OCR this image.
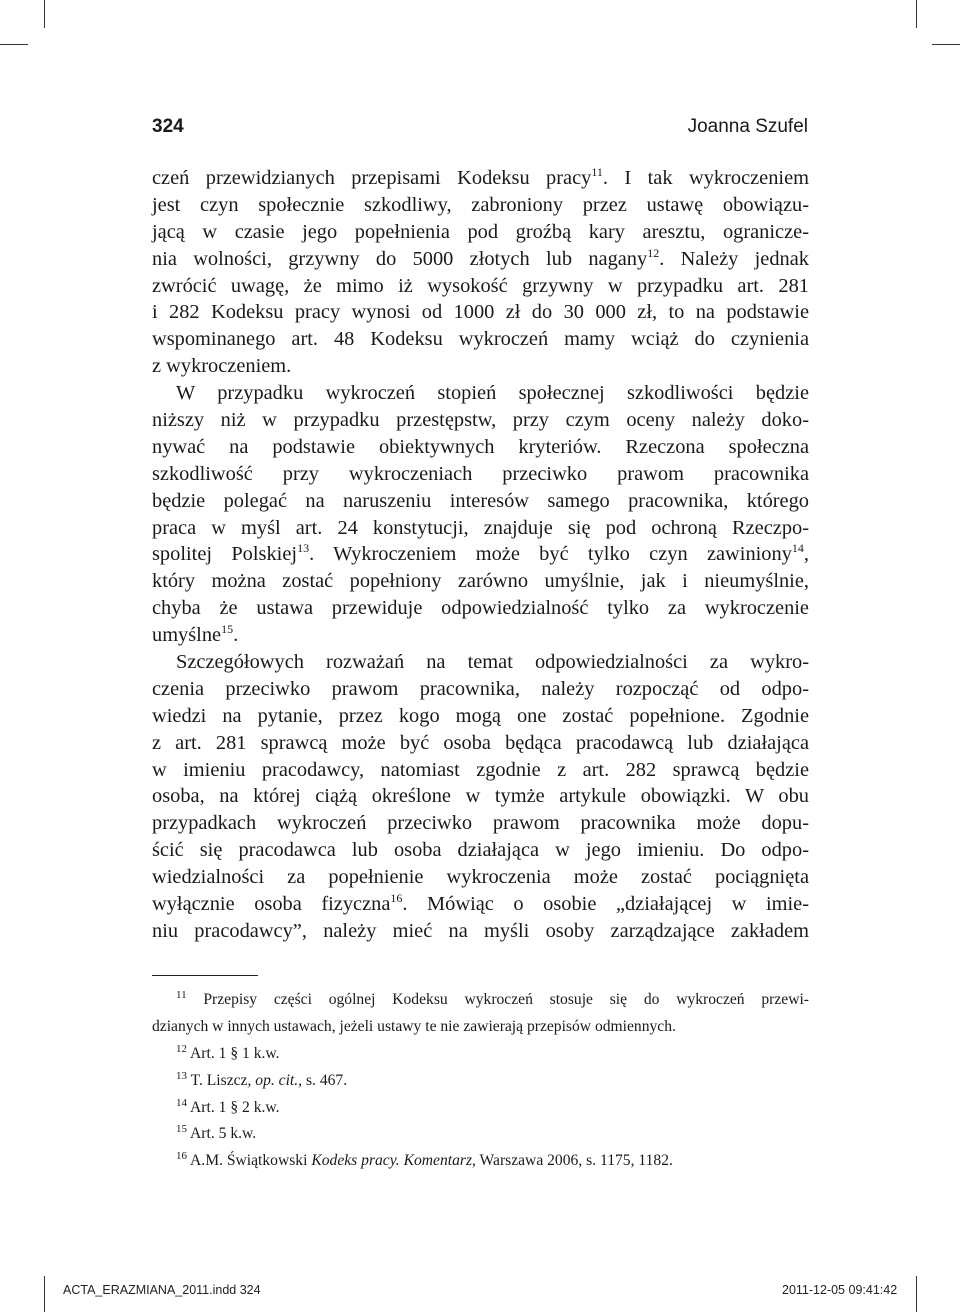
324	Joanna Szufel
czeń przewidzianych przepisami Kodeksu pracy$^{11}$. I tak wykroczeniem
jest czyn społecznie szkodliwy, zabroniony przez ustawę obowiązu-
jącą w czasie jego popełnienia pod groźbą kary aresztu, ogranicze-
nia wolności, grzywny do 5000 złotych lub nagany$^{12}$. Należy jednak
zwrócić uwagę, że mimo iż wysokość grzywny w przypadku art. 281
i 282 Kodeksu pracy wynosi od 1000 zł do 30 000 zł, to na podstawie
wspominanego art. 48 Kodeksu wykroczeń mamy wciąż do czynienia
z wykroczeniem.
W przypadku wykroczeń stopień społecznej szkodliwości będzie
niższy niż w przypadku przestępstw, przy czym oceny należy doko-
nywać na podstawie obiektywnych kryteriów. Rzeczona społeczna
szkodliwość przy wykroczeniach przeciwko prawom pracownika
będzie polegać na naruszeniu interesów samego pracownika, którego
praca w myśl art. 24 konstytucji, znajduje się pod ochroną Rzeczpo-
spolitej Polskiej$^{13}$. Wykroczeniem może być tylko czyn zawiniony$^{14}$,
który można zostać popełniony zarówno umyślnie, jak i nieumyślnie,
chyba że ustawa przewiduje odpowiedzialność tylko za wykroczenie
umyślne$^{15}$.
Szczegółowych rozważań na temat odpowiedzialności za wykro-
czenia przeciwko prawom pracownika, należy rozpocząć od odpo-
wiedzi na pytanie, przez kogo mogą one zostać popełnione. Zgodnie
z art. 281 sprawcą może być osoba będąca pracodawcą lub działająca
w imieniu pracodawcy, natomiast zgodnie z art. 282 sprawcą będzie
osoba, na której ciążą określone w tymże artykule obowiązki. W obu
przypadkach wykroczeń przeciwko prawom pracownika może dopu-
ścić się pracodawca lub osoba działająca w jego imieniu. Do odpo-
wiedzialności za popełnienie wykroczenia może zostać pociągnięta
wyłącznie osoba fizyczna$^{16}$. Mówiąc o osobie „działającej w imie-
niu pracodawcy”, należy mieć na myśli osoby zarządzające zakładem
$^{11}$ Przepisy części ogólnej Kodeksu wykroczeń stosuje się do wykroczeń przewi-
dzianych w innych ustawach, jeżeli ustawy te nie zawierają przepisów odmiennych.
$^{12}$ Art. 1 § 1 k.w.
$^{13}$ T. Liszcz, op. cit., s. 467.
$^{14}$ Art. 1 § 2 k.w.
$^{15}$ Art. 5 k.w.
$^{16}$ A.M. Świątkowski Kodeks pracy. Komentarz, Warszawa 2006, s. 1175, 1182.
ACTA_ERAZMIANA_2011.indd 324	2011-12-05 09:41:42
